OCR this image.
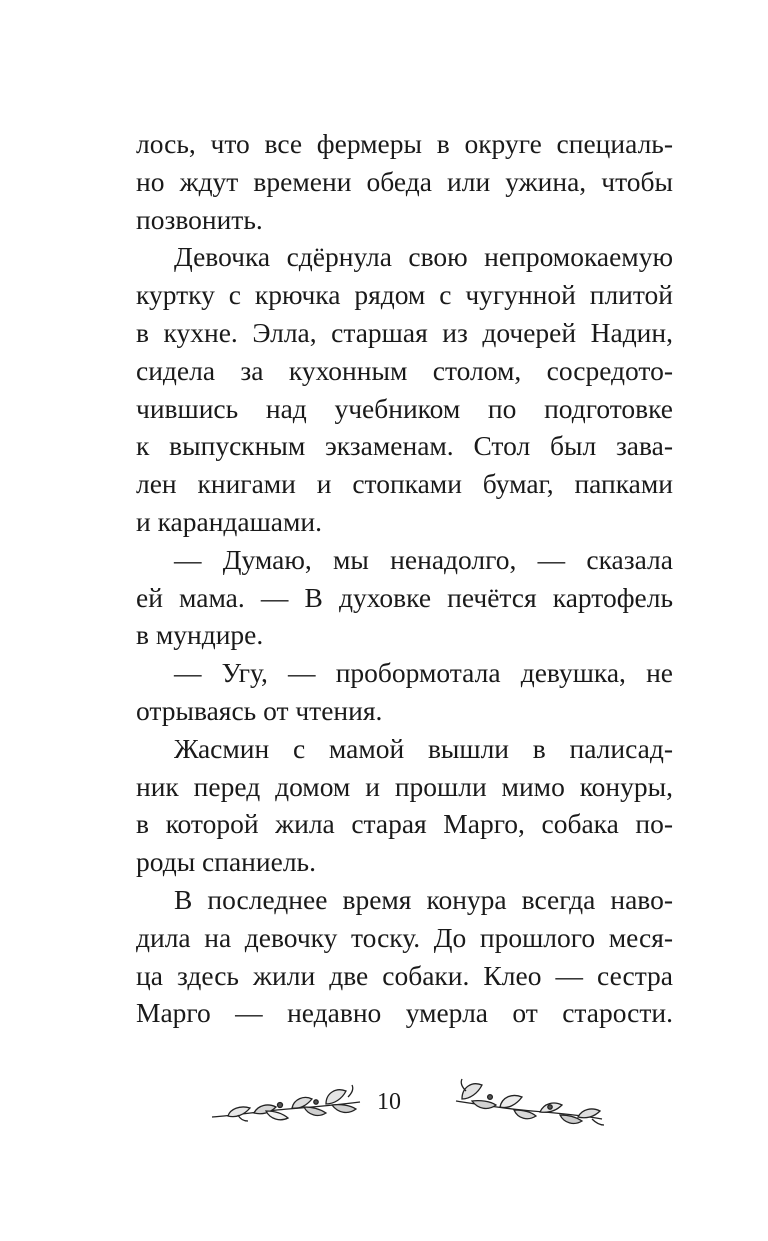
лось, что все фермеры в округе специаль-
но ждут времени обеда или ужина, чтобы
позвонить.
Девочка сдёрнула свою непромокаемую
куртку с крючка рядом с чугунной плитой
в кухне. Элла, старшая из дочерей Надин,
сидела за кухонным столом, сосредото-
чившись над учебником по подготовке
к выпускным экзаменам. Стол был зава-
лен книгами и стопками бумаг, папками
и карандашами.
— Думаю, мы ненадолго, — сказала
ей мама. — В духовке печётся картофель
в мундире.
— Угу, — пробормотала девушка, не
отрываясь от чтения.
Жасмин с мамой вышли в палисад-
ник перед домом и прошли мимо конуры,
в которой жила старая Марго, собака по-
роды спаниель.
В последнее время конура всегда наво-
дила на девочку тоску. До прошлого меся-
ца здесь жили две собаки. Клео — сестра
Марго — недавно умерла от старости.
10
